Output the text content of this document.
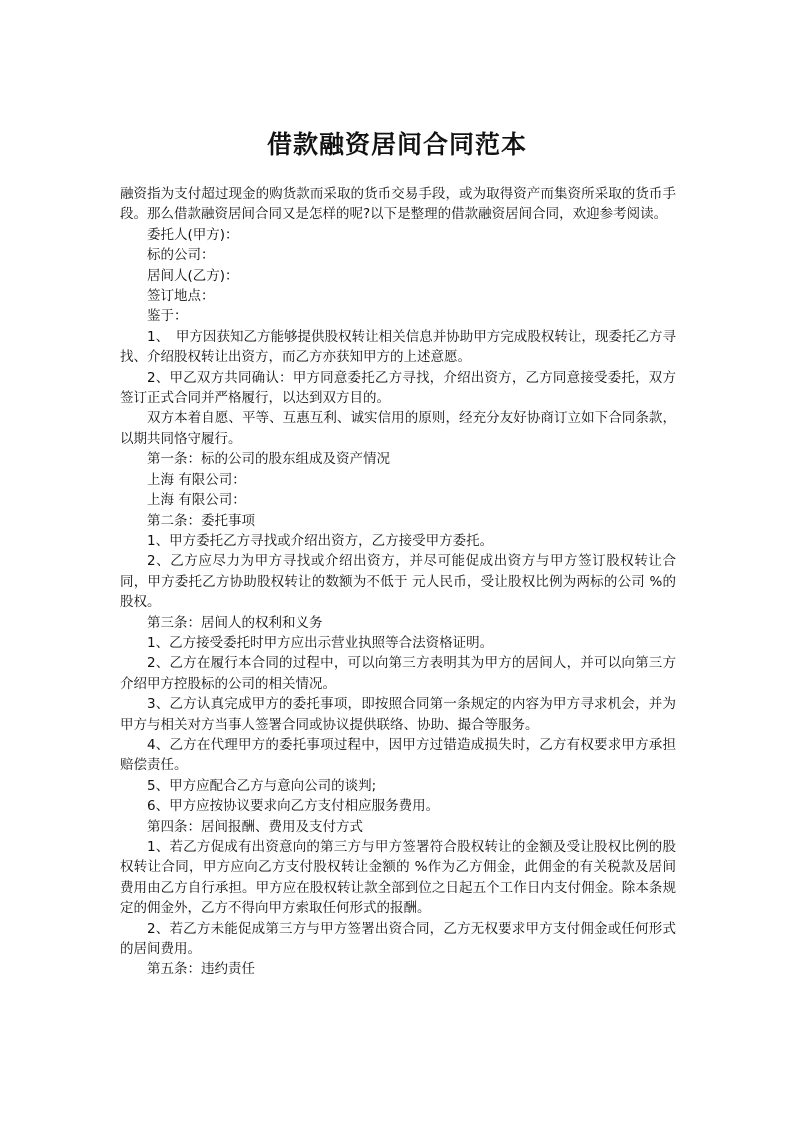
借款融资居间合同范本

融资指为支付超过现金的购货款而采取的货币交易手段，或为取得资产而集资所采取的货币手段。那么借款融资居间合同又是怎样的呢?以下是整理的借款融资居间合同，欢迎参考阅读。

委托人(甲方)：

标的公司：

居间人(乙方)：

签订地点：

鉴于：

1、　甲方因获知乙方能够提供股权转让相关信息并协助甲方完成股权转让，现委托乙方寻找、介绍股权转让出资方，而乙方亦获知甲方的上述意愿。

2、甲乙双方共同确认：甲方同意委托乙方寻找，介绍出资方，乙方同意接受委托，双方签订正式合同并严格履行，以达到双方目的。

双方本着自愿、平等、互惠互利、诚实信用的原则，经充分友好协商订立如下合同条款，以期共同恪守履行。

第一条：标的公司的股东组成及资产情况

上海 有限公司：

上海 有限公司：

第二条：委托事项

1、甲方委托乙方寻找或介绍出资方，乙方接受甲方委托。

2、乙方应尽力为甲方寻找或介绍出资方，并尽可能促成出资方与甲方签订股权转让合同，甲方委托乙方协助股权转让的数额为不低于 元人民币，受让股权比例为两标的公司 %的股权。

第三条：居间人的权利和义务

1、乙方接受委托时甲方应出示营业执照等合法资格证明。

2、乙方在履行本合同的过程中，可以向第三方表明其为甲方的居间人，并可以向第三方介绍甲方控股标的公司的相关情况。

3、乙方认真完成甲方的委托事项，即按照合同第一条规定的内容为甲方寻求机会，并为甲方与相关对方当事人签署合同或协议提供联络、协助、撮合等服务。

4、乙方在代理甲方的委托事项过程中，因甲方过错造成损失时，乙方有权要求甲方承担赔偿责任。

5、甲方应配合乙方与意向公司的谈判;

6、甲方应按协议要求向乙方支付相应服务费用。

第四条：居间报酬、费用及支付方式

1、若乙方促成有出资意向的第三方与甲方签署符合股权转让的金额及受让股权比例的股权转让合同，甲方应向乙方支付股权转让金额的 %作为乙方佣金，此佣金的有关税款及居间费用由乙方自行承担。甲方应在股权转让款全部到位之日起五个工作日内支付佣金。除本条规定的佣金外，乙方不得向甲方索取任何形式的报酬。

2、若乙方未能促成第三方与甲方签署出资合同，乙方无权要求甲方支付佣金或任何形式的居间费用。

第五条：违约责任
